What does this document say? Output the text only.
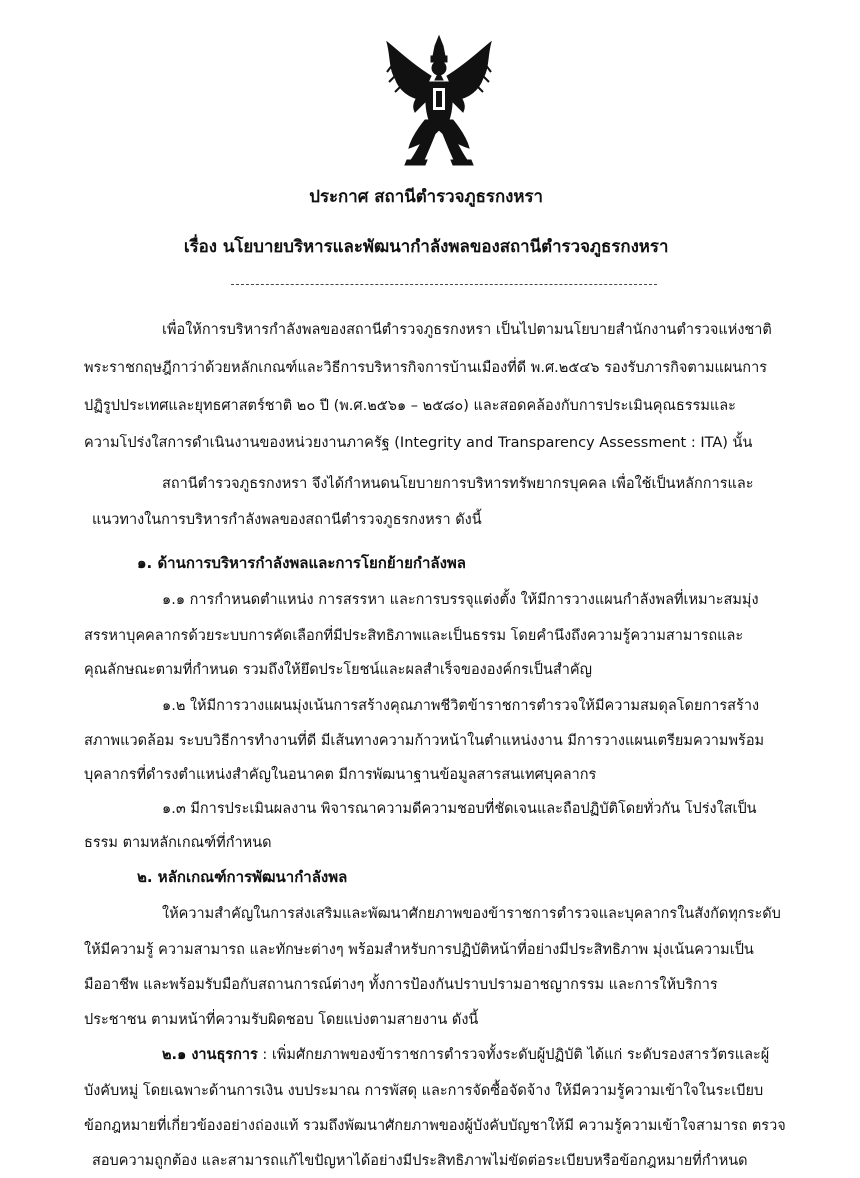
ประกาศ สถานีตำรวจภูธรกงหรา
เรื่อง นโยบายบริหารและพัฒนากำลังพลของสถานีตำรวจภูธรกงหรา
เพื่อให้การบริหารกำลังพลของสถานีตำรวจภูธรกงหรา เป็นไปตามนโยบายสำนักงานตำรวจแห่งชาติ
พระราชกฤษฎีกาว่าด้วยหลักเกณฑ์และวิธีการบริหารกิจการบ้านเมืองที่ดี พ.ศ.๒๕๔๖ รองรับภารกิจตามแผนการ
ปฏิรูปประเทศและยุทธศาสตร์ชาติ ๒๐ ปี (พ.ศ.๒๕๖๑ – ๒๕๘๐) และสอดคล้องกับการประเมินคุณธรรมและ
ความโปร่งใสการดำเนินงานของหน่วยงานภาครัฐ (Integrity and Transparency Assessment : ITA) นั้น
สถานีตำรวจภูธรกงหรา จึงได้กำหนดนโยบายการบริหารทรัพยากรบุคคล เพื่อใช้เป็นหลักการและ
แนวทางในการบริหารกำลังพลของสถานีตำรวจภูธรกงหรา ดังนี้
๑. ด้านการบริหารกำลังพลและการโยกย้ายกำลังพล
๑.๑ การกำหนดตำแหน่ง การสรรหา และการบรรจุแต่งตั้ง ให้มีการวางแผนกำลังพลที่เหมาะสมมุ่ง
สรรหาบุคคลากรด้วยระบบการคัดเลือกที่มีประสิทธิภาพและเป็นธรรม โดยคำนึงถึงความรู้ความสามารถและ
คุณลักษณะตามที่กำหนด รวมถึงให้ยึดประโยชน์และผลสำเร็จขององค์กรเป็นสำคัญ
๑.๒ ให้มีการวางแผนมุ่งเน้นการสร้างคุณภาพชีวิตข้าราชการตำรวจให้มีความสมดุลโดยการสร้าง
สภาพแวดล้อม ระบบวิธีการทำงานที่ดี มีเส้นทางความก้าวหน้าในตำแหน่งงาน มีการวางแผนเตรียมความพร้อม
บุคลากรที่ดำรงตำแหน่งสำคัญในอนาคต มีการพัฒนาฐานข้อมูลสารสนเทศบุคลากร
๑.๓ มีการประเมินผลงาน พิจารณาความดีความชอบที่ชัดเจนและถือปฏิบัติโดยทั่วกัน โปร่งใสเป็น
ธรรม ตามหลักเกณฑ์ที่กำหนด
๒. หลักเกณฑ์การพัฒนากำลังพล
ให้ความสำคัญในการส่งเสริมและพัฒนาศักยภาพของข้าราชการตำรวจและบุคลากรในสังกัดทุกระดับ
ให้มีความรู้ ความสามารถ และทักษะต่างๆ พร้อมสำหรับการปฏิบัติหน้าที่อย่างมีประสิทธิภาพ มุ่งเน้นความเป็น
มืออาชีพ และพร้อมรับมือกับสถานการณ์ต่างๆ ทั้งการป้องกันปราบปรามอาชญากรรม และการให้บริการ
ประชาชน ตามหน้าที่ความรับผิดชอบ โดยแบ่งตามสายงาน ดังนี้
๒.๑ งานธุรการ : เพิ่มศักยภาพของข้าราชการตำรวจทั้งระดับผู้ปฏิบัติ ได้แก่ ระดับรองสารวัตรและผู้
บังคับหมู่ โดยเฉพาะด้านการเงิน งบประมาณ การพัสดุ และการจัดซื้อจัดจ้าง ให้มีความรู้ความเข้าใจในระเบียบ
ข้อกฎหมายที่เกี่ยวข้องอย่างถ่องแท้ รวมถึงพัฒนาศักยภาพของผู้บังคับบัญชาให้มี ความรู้ความเข้าใจสามารถ ตรวจ
สอบความถูกต้อง และสามารถแก้ไขปัญหาได้อย่างมีประสิทธิภาพไม่ขัดต่อระเบียบหรือข้อกฎหมายที่กำหนด
